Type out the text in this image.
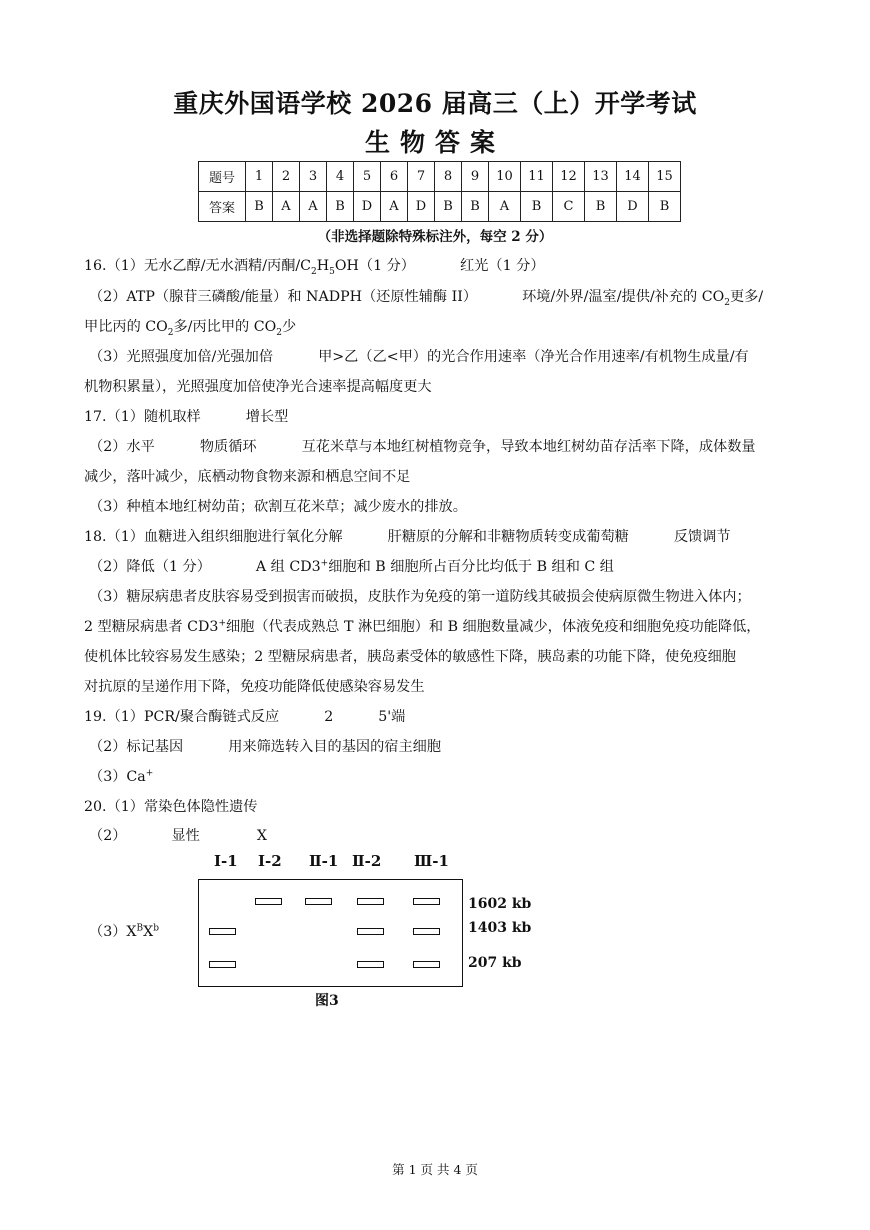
重庆外国语学校 2026 届高三（上）开学考试
生物答案
题号	1	2	3	4	5	6	7	8	9	10	11	12	13	14	15
答案	B	A	A	B	D	A	D	B	B	A	B	C	B	D	B
（非选择题除特殊标注外，每空 2 分）
16.（1）无水乙醇/无水酒精/丙酮$/C_2H_5OH(1$ 分）	红光（1 分）
（2）ATP（腺苷三磷酸/能量）和 NADPH（还原性辅酶 II）	环境/外界/温室/提供/补充的 $CO_2$更多/
甲比丙的 $CO_2$多/丙比甲的 $CO_2$少
（3）光照强度加倍/光强加倍	甲>乙（乙<甲）的光合作用速率（净光合作用速率/有机物生成量/有
机物积累量），光照强度加倍使净光合速率提高幅度更大
17.（1）随机取样	增长型
（2）水平	物质循环	互花米草与本地红树植物竞争，导致本地红树幼苗存活率下降，成体数量
减少，落叶减少，底栖动物食物来源和栖息空间不足
（3）种植本地红树幼苗；砍割互花米草；减少废水的排放。
18.（1）血糖进入组织细胞进行氧化分解	肝糖原的分解和非糖物质转变成葡萄糖	反馈调节
（2）降低（1 分）	A 组 CD3+细胞和 B 细胞所占百分比均低于 B 组和 C 组
（3）糖尿病患者皮肤容易受到损害而破损，皮肤作为免疫的第一道防线其破损会使病原微生物进入体内；
2 型糖尿病患者 CD3+细胞（代表成熟总 T 淋巴细胞）和 B 细胞数量减少，体液免疫和细胞免疫功能降低，
使机体比较容易发生感染；2 型糖尿病患者，胰岛素受体的敏感性下降，胰岛素的功能下降，使免疫细胞
对抗原的呈递作用下降，免疫功能降低使感染容易发生
19.（1）PCR/聚合酶链式反应	2	5'端
（2）标记基因	用来筛选转入目的基因的宿主细胞
（3）Ca+
20.（1）常染色体隐性遗传
（2）	显性	X
$(3)X^BX^b$
Ⅰ-1 Ⅰ-2 Ⅱ-1 Ⅱ-2 Ⅲ-1
1602 kb
1403 kb
207 kb
图3
第 1 页 共 4 页
